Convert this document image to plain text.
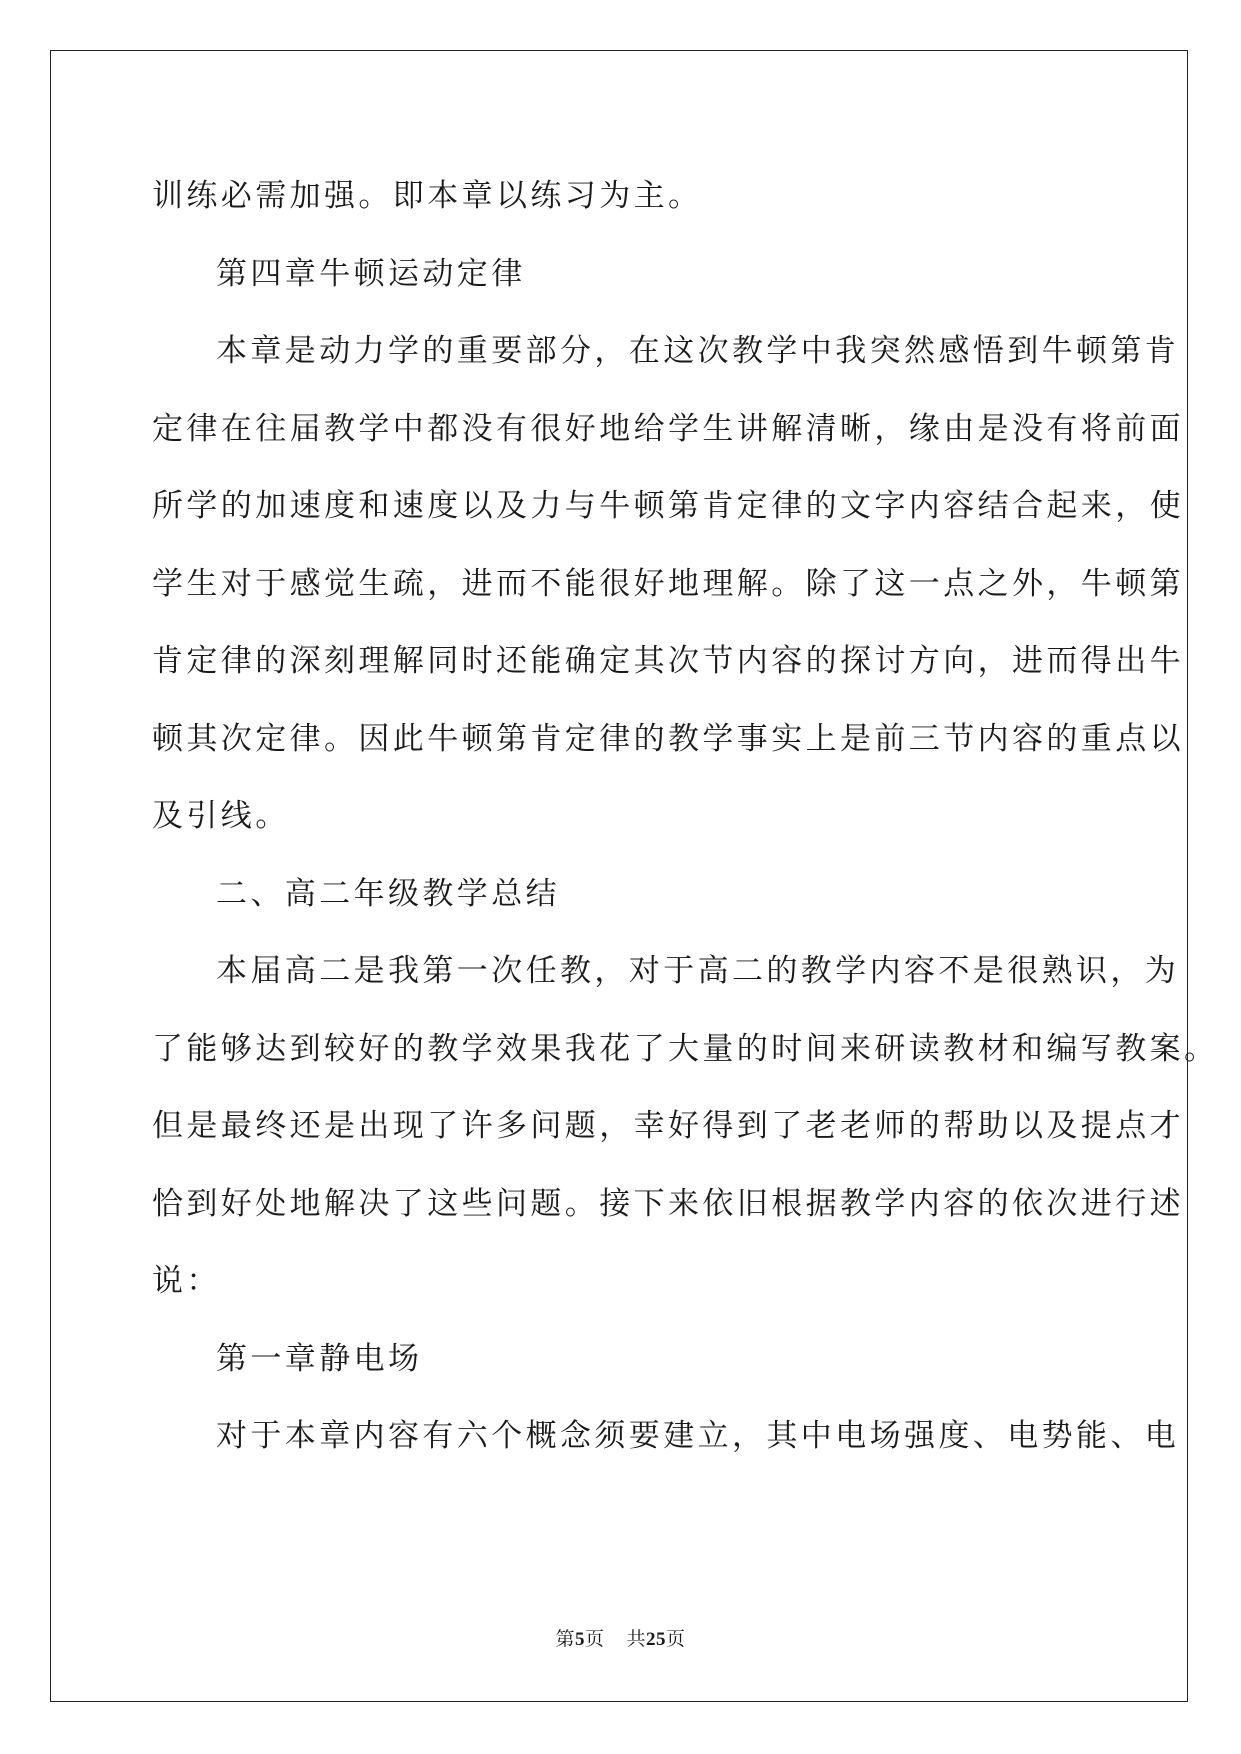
训练必需加强。即本章以练习为主。

第四章牛顿运动定律

本章是动力学的重要部分，在这次教学中我突然感悟到牛顿第肯

定律在往届教学中都没有很好地给学生讲解清晰，缘由是没有将前面

所学的加速度和速度以及力与牛顿第肯定律的文字内容结合起来，使

学生对于感觉生疏，进而不能很好地理解。除了这一点之外，牛顿第

肯定律的深刻理解同时还能确定其次节内容的探讨方向，进而得出牛

顿其次定律。因此牛顿第肯定律的教学事实上是前三节内容的重点以

及引线。

二、高二年级教学总结

本届高二是我第一次任教，对于高二的教学内容不是很熟识，为

了能够达到较好的教学效果我花了大量的时间来研读教材和编写教案。

但是最终还是出现了许多问题，幸好得到了老老师的帮助以及提点才

恰到好处地解决了这些问题。接下来依旧根据教学内容的依次进行述

说：

第一章静电场

对于本章内容有六个概念须要建立，其中电场强度、电势能、电

第5页 共25页
